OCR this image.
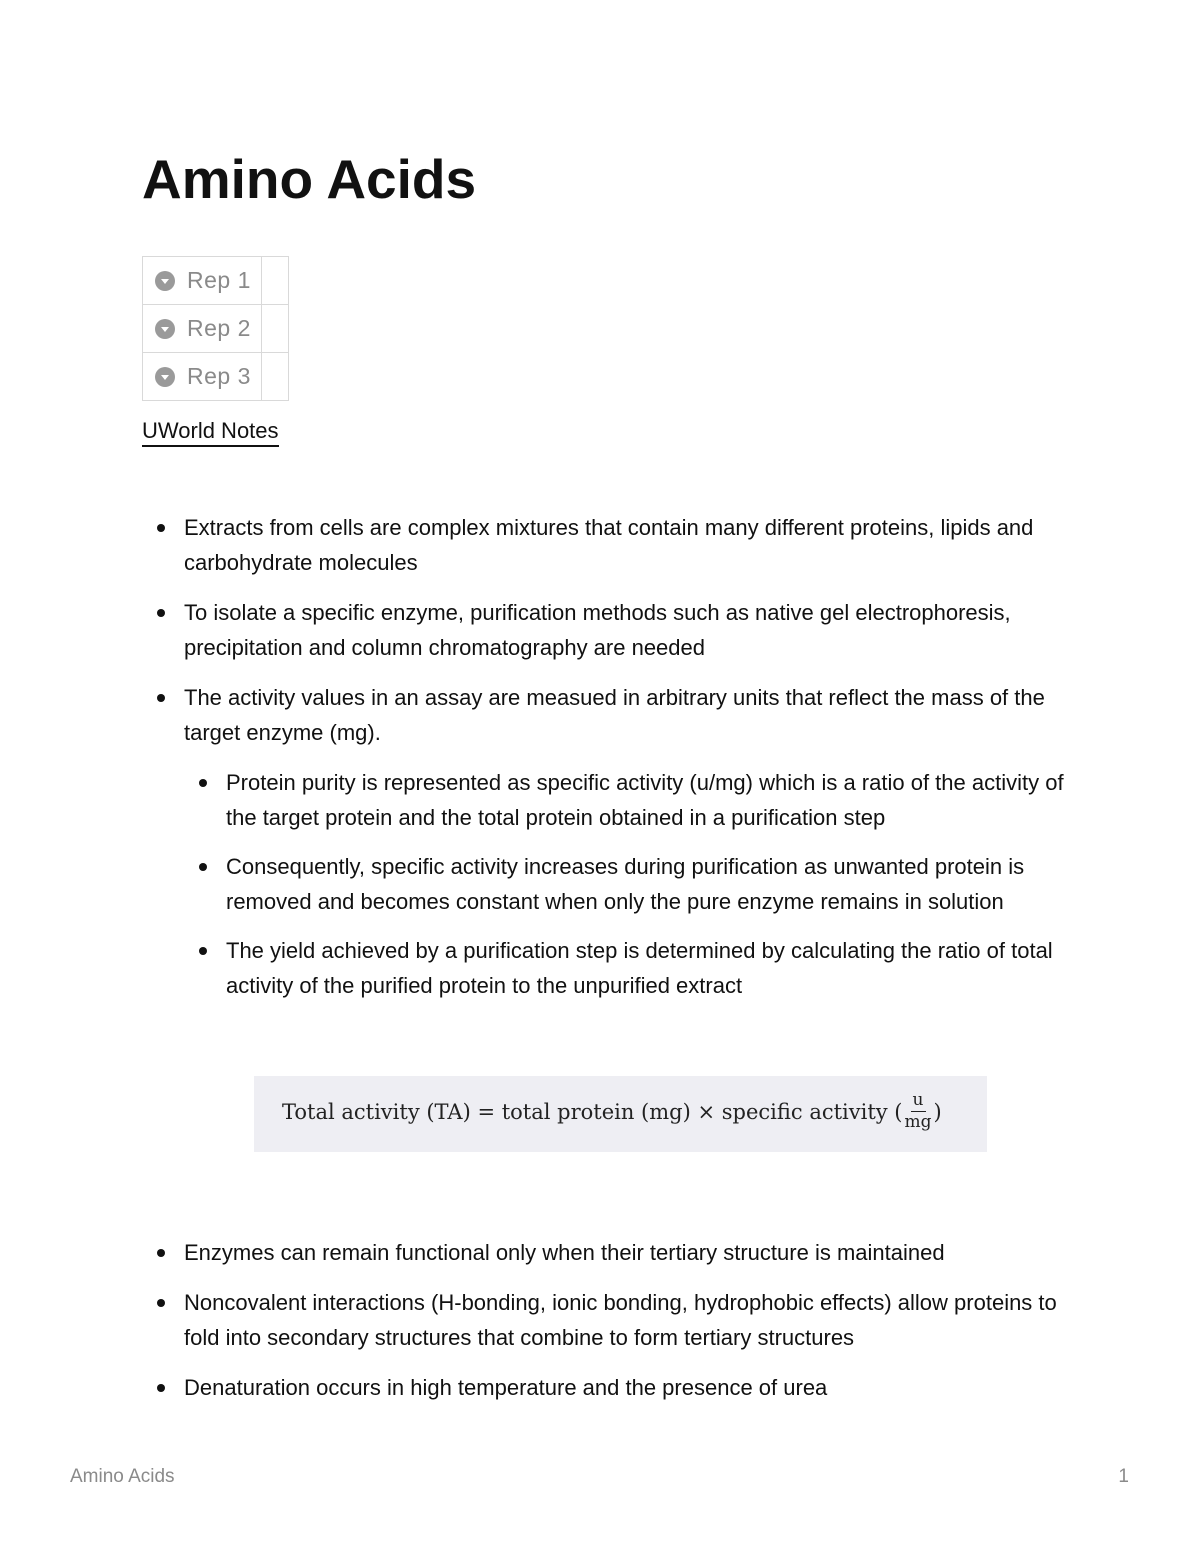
Amino Acids
Rep 1	

Rep 2	

Rep 3	

UWorld Notes
Extracts from cells are complex mixtures that contain many different proteins, lipids and carbohydrate molecules
To isolate a specific enzyme, purification methods such as native gel electrophoresis, precipitation and column chromatography are needed
The activity values in an assay are measued in arbitrary units that reflect the mass of the target enzyme (mg).
Protein purity is represented as specific activity (u/mg) which is a ratio of the activity of the target protein and the total protein obtained in a purification step
Consequently, specific activity increases during purification as unwanted protein is removed and becomes constant when only the pure enzyme remains in solution
The yield achieved by a purification step is determined by calculating the ratio of total activity of the purified protein to the unpurified extract
Total activity (TA) = total protein (mg) × specific activity ( $\frac{u}{mg}$ )
Enzymes can remain functional only when their tertiary structure is maintained
Noncovalent interactions (H-bonding, ionic bonding, hydrophobic effects) allow proteins to fold into secondary structures that combine to form tertiary structures
Denaturation occurs in high temperature and the presence of urea
Amino Acids	1
